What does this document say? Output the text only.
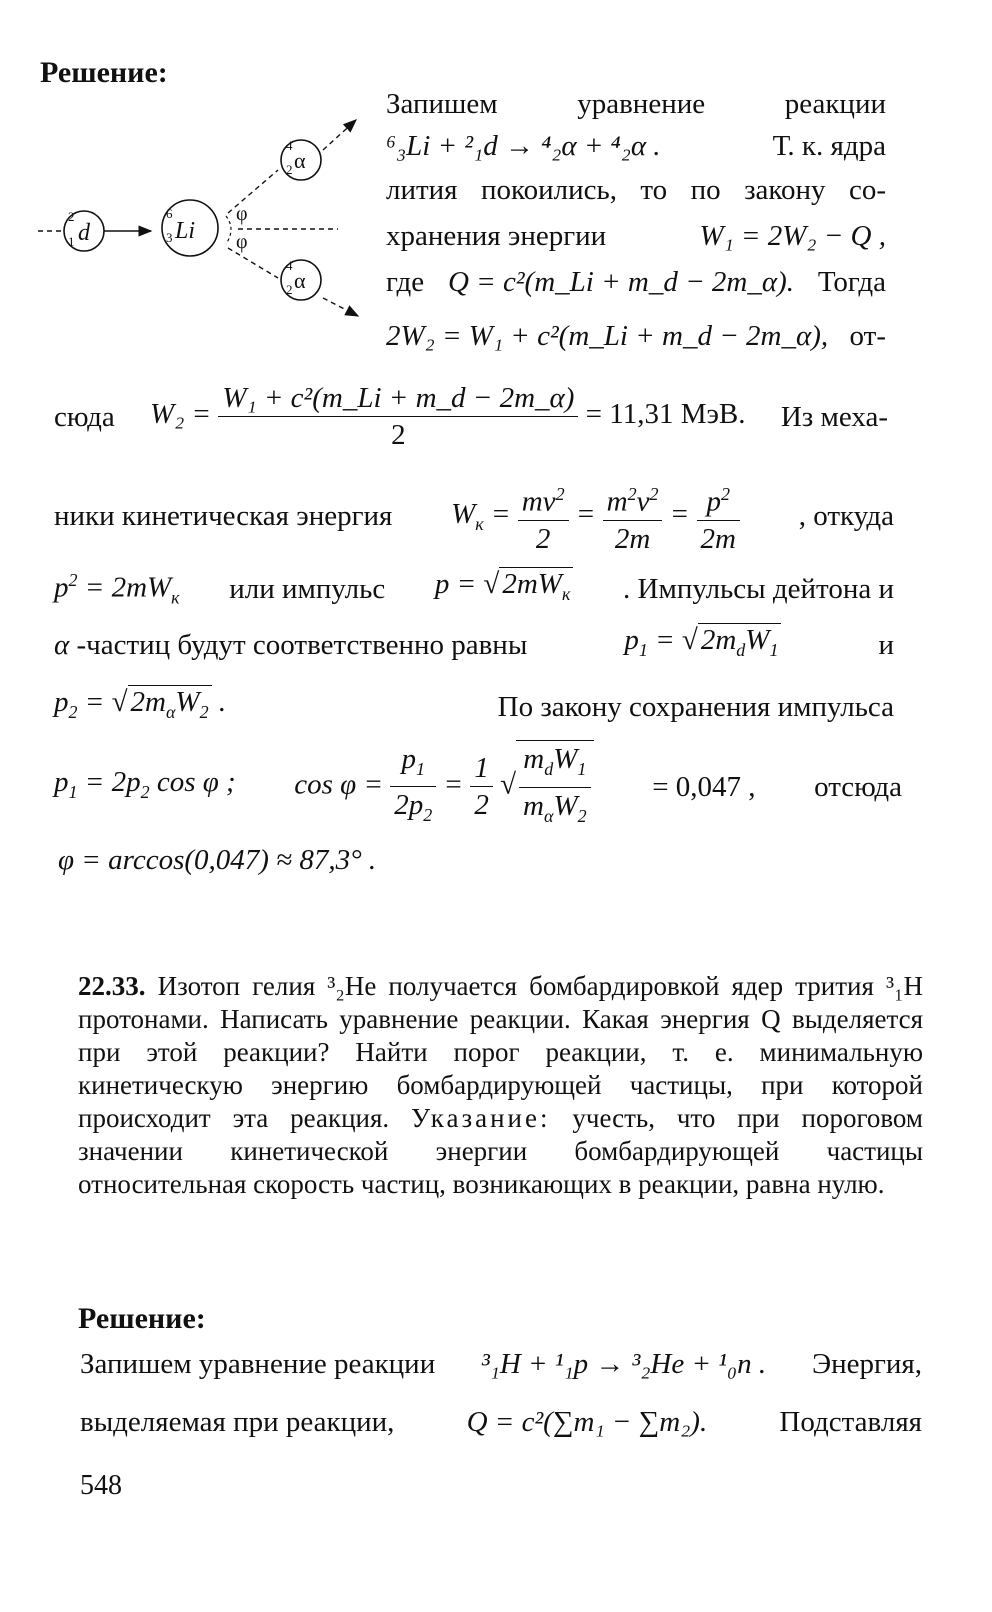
Решение:
2
1 d
6
3 Li
4
2 α
4
2 α
φ
φ
Запишем уравнение реакции
⁶₃Li + ²₁d → ⁴₂α + ⁴₂α .	Т. к. ядра
лития покоились, то по закону со-
хранения энергии	W₁ = 2W₂ − Q ,
где Q = c²(m_Li + m_d − 2m_α). Тогда
2W₂ = W₁ + c²(m_Li + m_d − 2m_α), от-
сюда $W_2 = \frac{\text{W₁ + c²(m\_Li + m\_d − 2m\_α)}}{2} = 11,31$ МэВ. Из меха-
ники кинетическая энергия $W_к = \frac{mv^2}{2} = \frac{m^2v^2}{2m} = \frac{p^2}{2m}$ , откуда
$p^2 = 2mW_к$ или импульс p = √ $2mW_к$ . Импульсы дейтона и
α -частиц будут соответственно равны	$p_1$ = √ $2m_dW_1$	и
$p_2$ = √ $2m_\alpha W_2$ .	По закону сохранения импульса
$p_1 = 2p_2$ cos φ ; $\cos \varphi = \frac{p_1}{2p_2} = \frac{1}{2}$ √ $\frac{m_dW_1}{m_\alpha W_2} = 0,047$ , отсюда
φ = arccos(0,047) ≈ 87,3° .
22.33. Изотоп гелия ³₂He получается бомбардировкой ядер трития ³₁H протонами. Написать уравнение реакции. Какая энергия Q выделяется при этой реакции? Найти порог реакции, т. е. минимальную кинетическую энергию бомбардирующей частицы, при которой происходит эта реакция. Указание: учесть, что при пороговом значении кинетической энергии бомбардирующей частицы относительная скорость частиц, возникающих в реакции, равна нулю.
Решение:
Запишем уравнение реакции ³₁H + ¹₁p → ³₂He + ¹₀n . Энергия,
выделяемая при реакции, Q = c²(∑m₁ − ∑m₂). Подставляя
548
